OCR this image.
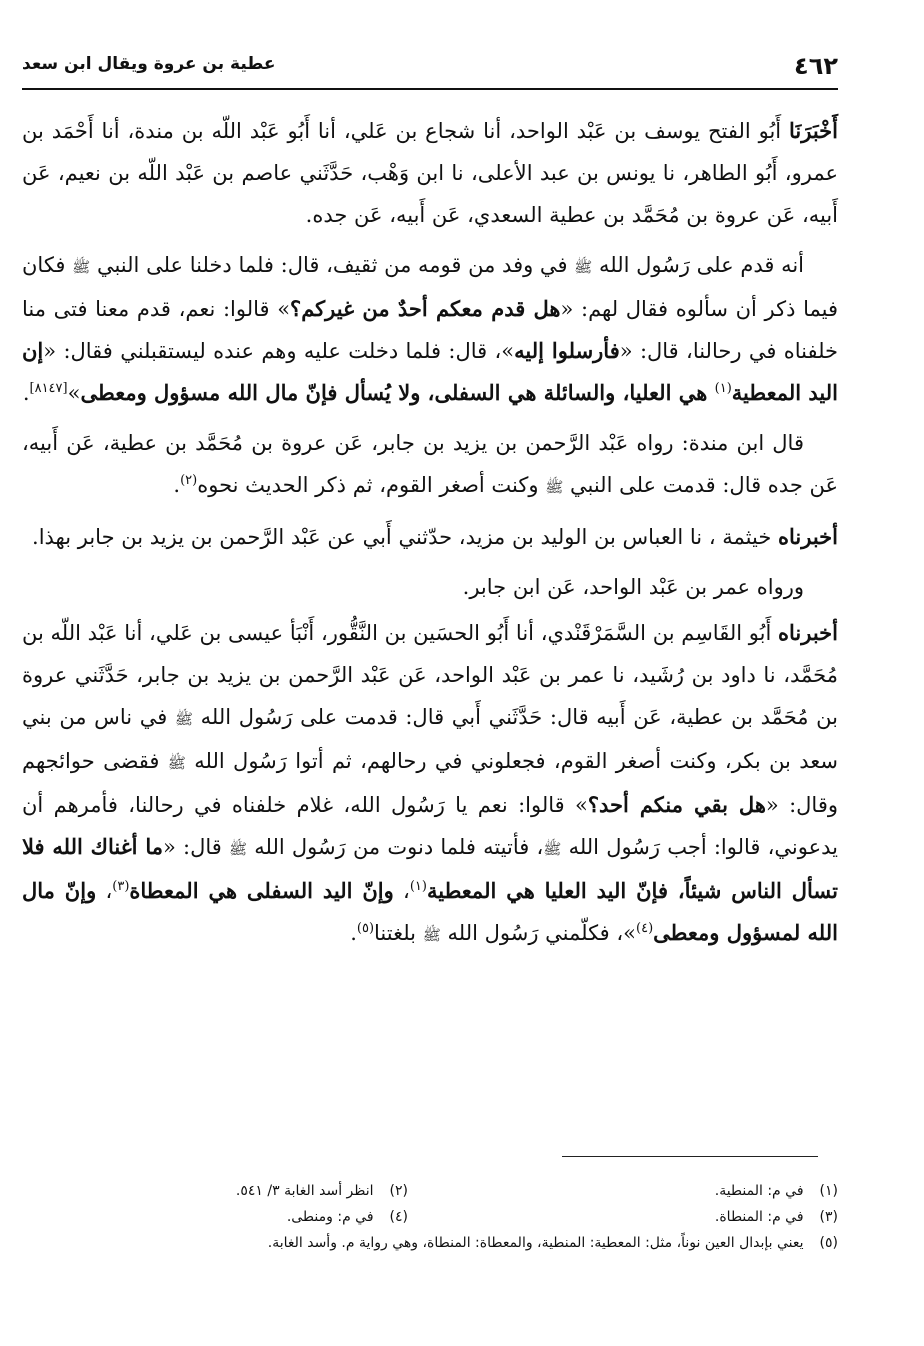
٤٦٢
عطية بن عروة ويقال ابن سعد

أَخْبَرَنَا أَبُو الفتح يوسف بن عَبْد الواحد، أنا شجاع بن عَلي، أنا أَبُو عَبْد اللّه بن مندة، أنا أَحْمَد بن عمرو، أَبُو الطاهر، نا يونس بن عبد الأعلى، نا ابن وَهْب، حَدَّثَني عاصم بن عَبْد اللّه بن نعيم، عَن أَبيه، عَن عروة بن مُحَمَّد بن عطية السعدي، عَن أَبيه، عَن جده.

أنه قدم على رَسُول الله ﷺ في وفد من قومه من ثقيف، قال: فلما دخلنا على النبي ﷺ فكان فيما ذكر أن سألوه فقال لهم: «هل قدم معكم أحدٌ من غيركم؟» قالوا: نعم، قدم معنا فتى منا خلفناه في رحالنا، قال: «فأرسلوا إليه»، قال: فلما دخلت عليه وهم عنده ليستقبلني فقال: «إن اليد المعطية$^{(١)}$ هي العليا، والسائلة هي السفلى، ولا يُسأل فإنّ مال الله مسؤول ومعطى»[٨١٤٧].

قال ابن مندة: رواه عَبْد الرَّحمن بن يزيد بن جابر، عَن عروة بن مُحَمَّد بن عطية، عَن أَبيه، عَن جده قال: قدمت على النبي ﷺ وكنت أصغر القوم، ثم ذكر الحديث نحوه$^{(٢)}$.

أخبرناه خيثمة ، نا العباس بن الوليد بن مزيد، حدّثني أَبي عن عَبْد الرَّحمن بن يزيد بن جابر بهذا.

ورواه عمر بن عَبْد الواحد، عَن ابن جابر.

أخبرناه أَبُو القَاسِم بن السَّمَرْقَنْدي، أنا أَبُو الحسَين بن النَّقُّور، أَنْبَأ عيسى بن عَلي، أنا عَبْد اللّه بن مُحَمَّد، نا داود بن رُشَيد، نا عمر بن عَبْد الواحد، عَن عَبْد الرَّحمن بن يزيد بن جابر، حَدَّثَني عروة بن مُحَمَّد بن عطية، عَن أَبيه قال: حَدَّثَني أَبي قال: قدمت على رَسُول الله ﷺ في ناس من بني سعد بن بكر، وكنت أصغر القوم، فجعلوني في رحالهم، ثم أتوا رَسُول الله ﷺ فقضى حوائجهم وقال: «هل بقي منكم أحد؟» قالوا: نعم يا رَسُول الله، غلام خلفناه في رحالنا، فأمرهم أن يدعوني، قالوا: أجب رَسُول الله ﷺ، فأتيته فلما دنوت من رَسُول الله ﷺ قال: «ما أغناك الله فلا تسأل الناس شيئاً، فإنّ اليد العليا هي المعطية$^{(١)}$، وإنّ اليد السفلى هي المعطاة$^{(٣)}$، وإنّ مال الله لمسؤول ومعطى$^{(٤)}$»، فكلّمني رَسُول الله ﷺ بلغتنا$^{(٥)}$.

(١) في م: المنطية.
(٢) انظر أسد الغابة ٣/ ٥٤١.
(٣) في م: المنطاة.
(٤) في م: ومنطى.
(٥) يعني بإبدال العين نوناً، مثل: المعطية: المنطية، والمعطاة: المنطاة، وهي رواية م. وأسد الغابة.
